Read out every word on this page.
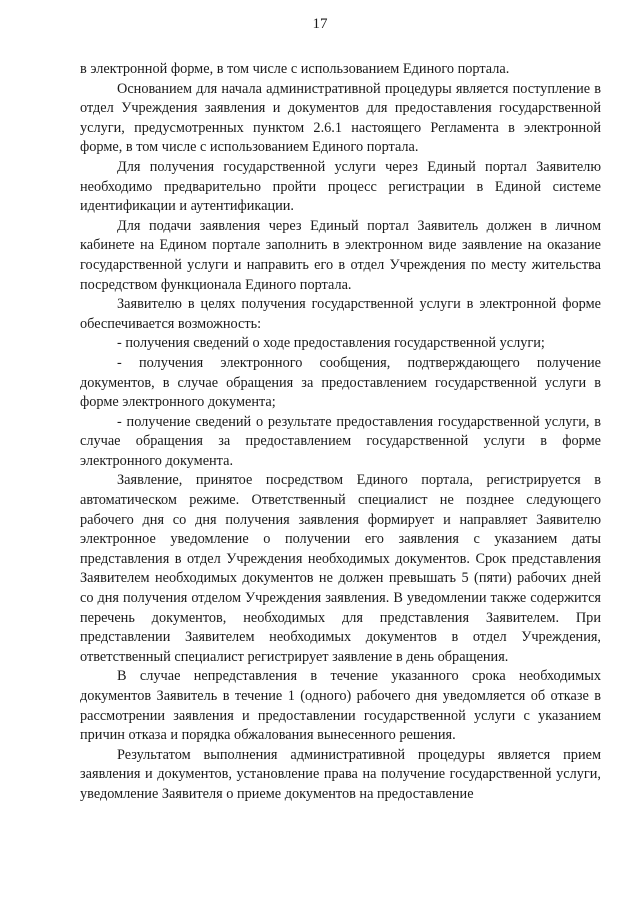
17

в электронной форме, в том числе с использованием Единого портала.

Основанием для начала административной процедуры является поступление в отдел Учреждения заявления и документов для предоставления государственной услуги, предусмотренных пунктом 2.6.1 настоящего Регламента в электронной форме, в том числе с использованием Единого портала.

Для получения государственной услуги через Единый портал Заявителю необходимо предварительно пройти процесс регистрации в Единой системе идентификации и аутентификации.

Для подачи заявления через Единый портал Заявитель должен в личном кабинете на Едином портале заполнить в электронном виде заявление на оказание государственной услуги и направить его в отдел Учреждения по месту жительства посредством функционала Единого портала.

Заявителю в целях получения государственной услуги в электронной форме обеспечивается возможность:

- получения сведений о ходе предоставления государственной услуги;

- получения электронного сообщения, подтверждающего получение документов, в случае обращения за предоставлением государственной услуги в форме электронного документа;

- получение сведений о результате предоставления государственной услуги, в случае обращения за предоставлением государственной услуги в форме электронного документа.

Заявление, принятое посредством Единого портала, регистрируется в автоматическом режиме. Ответственный специалист не позднее следующего рабочего дня со дня получения заявления формирует и направляет Заявителю электронное уведомление о получении его заявления с указанием даты представления в отдел Учреждения необходимых документов. Срок представления Заявителем необходимых документов не должен превышать 5 (пяти) рабочих дней со дня получения отделом Учреждения заявления. В уведомлении также содержится перечень документов, необходимых для представления Заявителем. При представлении Заявителем необходимых документов в отдел Учреждения, ответственный специалист регистрирует заявление в день обращения.

В случае непредставления в течение указанного срока необходимых документов Заявитель в течение 1 (одного) рабочего дня уведомляется об отказе в рассмотрении заявления и предоставлении государственной услуги с указанием причин отказа и порядка обжалования вынесенного решения.

Результатом выполнения административной процедуры является прием заявления и документов, установление права на получение государственной услуги, уведомление Заявителя о приеме документов на предоставление
